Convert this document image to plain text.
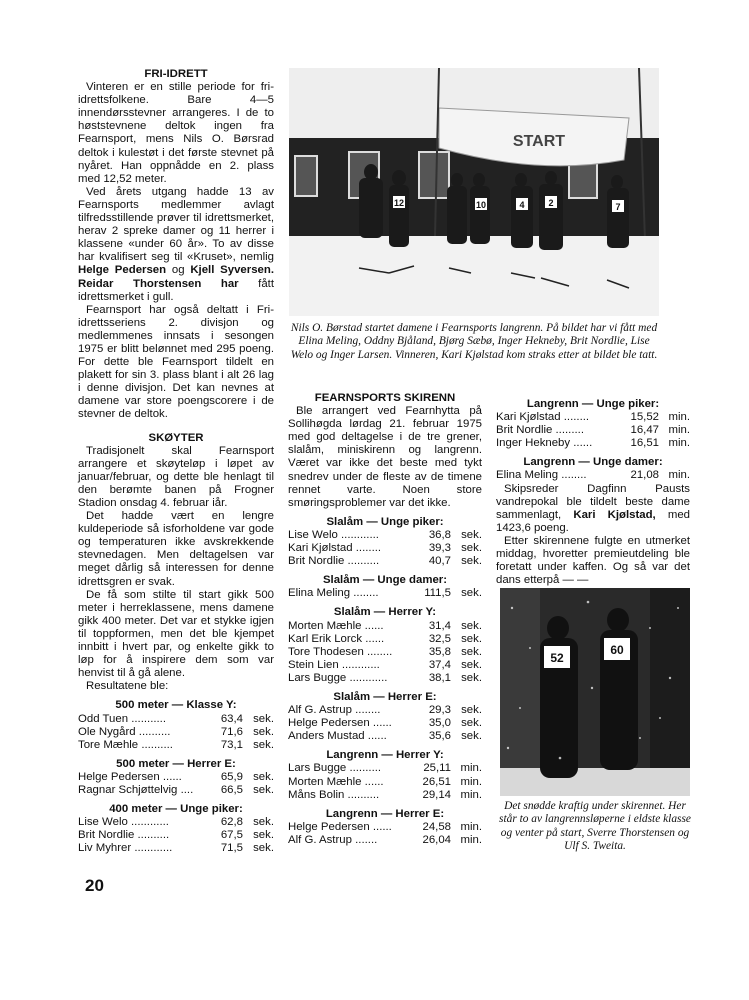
FRI-IDRETT

Vinteren er en stille periode for fri-idrettsfolkene. Bare 4—5 innendørsstevner arrangeres. I de to høststevnene deltok ingen fra Fearnsport, mens Nils O. Børsrad deltok i kulestøt i det første stevnet på nyåret. Han oppnådde en 2. plass med 12,52 meter.

Ved årets utgang hadde 13 av Fearnsports medlemmer avlagt tilfredsstillende prøver til idrettsmerket, herav 2 spreke damer og 11 herrer i klassene «under 60 år». To av disse har kvalifisert seg til «Kruset», nemlig Helge Pedersen og Kjell Syversen. Reidar Thorstensen har fått idrettsmerket i gull.

Fearnsport har også deltatt i Fri-idrettsseriens 2. divisjon og medlemmenes innsats i sesongen 1975 er blitt belønnet med 295 poeng. For dette ble Fearnsport tildelt en plakett for sin 3. plass blant i alt 26 lag i denne divisjon. Det kan nevnes at damene var store poengscorere i de stevner de deltok.

SKØYTER

Tradisjonelt skal Fearnsport arrangere et skøyteløp i løpet av januar/februar, og dette ble henlagt til den berømte banen på Frogner Stadion onsdag 4. februar iår.

Det hadde vært en lengre kuldeperiode så isforholdene var gode og temperaturen ikke avskrekkende stevnedagen. Men deltagelsen var meget dårlig så interessen for denne idrettsgren er svak.

De få som stilte til start gikk 500 meter i herreklassene, mens damene gikk 400 meter. Det var et stykke igjen til toppformen, men det ble kjempet innbitt i hvert par, og enkelte gikk to løp for å inspirere dem som var henvist til å gå alene.

Resultatene ble:

500 meter — Klasse Y:

Odd Tuen ...........	63,4	sek.
Ole Nygård ..........	71,6	sek.
Tore Mæhle ..........	73,1	sek.

500 meter — Herrer E:

Helge Pedersen ......	65,9	sek.
Ragnar Schjøttelvig ....	66,5	sek.

400 meter — Unge piker:

Lise Welo ............	62,8	sek.
Brit Nordlie ..........	67,5	sek.
Liv Myhrer ............	71,5	sek.
START
12	10	4	2	7
Nils O. Børstad startet damene i Fearnsports langrenn. På bildet har vi fått med Elina Meling, Oddny Bjåland, Bjørg Sæbø, Inger Hekneby, Brit Nordlie, Lise Welo og Inger Larsen. Vinneren, Kari Kjølstad kom straks etter at bildet ble tatt.

FEARNSPORTS SKIRENN

Ble arrangert ved Fearnhytta på Sollihøgda lørdag 21. februar 1975 med god deltagelse i de tre grener, slalåm, miniskirenn og langrenn. Været var ikke det beste med tykt snedrev under de fleste av de timene rennet varte. Noen store smøringsproblemer var det ikke.

Slalåm — Unge piker:

Lise Welo ............	36,8	sek.
Kari Kjølstad ........	39,3	sek.
Brit Nordlie ..........	40,7	sek.

Slalåm — Unge damer:

Elina Meling ........	111,5	sek.

Slalåm — Herrer Y:

Morten Mæhle ......	31,4	sek.
Karl Erik Lorck ......	32,5	sek.
Tore Thodesen ........	35,8	sek.
Stein Lien ............	37,4	sek.
Lars Bugge ............	38,1	sek.

Slalåm — Herrer E:

Alf G. Astrup ........	29,3	sek.
Helge Pedersen ......	35,0	sek.
Anders Mustad ......	35,6	sek.

Langrenn — Herrer Y:

Lars Bugge ..........	25,11	min.
Morten Mæhle ......	26,51	min.
Måns Bolin ..........	29,14	min.

Langrenn — Herrer E:

Helge Pedersen ......	24,58	min.
Alf G. Astrup .......	26,04	min.

Langrenn — Unge piker:

Kari Kjølstad ........	15,52	min.
Brit Nordlie .........	16,47	min.
Inger Hekneby ......	16,51	min.

Langrenn — Unge damer:

Elina Meling ........	21,08	min.

Skipsreder Dagfinn Pausts vandrepokal ble tildelt beste dame sammenlagt, Kari Kjølstad, med 1423,6 poeng.

Etter skirennene fulgte en utmerket middag, hvoretter premieutdeling ble foretatt under kaffen. Og så var det dans etterpå — —

52
60
Det snødde kraftig under skirennet. Her står to av langrennsløperne i eldste klasse og venter på start, Sverre Thorstensen og Ulf S. Tweita.
20
